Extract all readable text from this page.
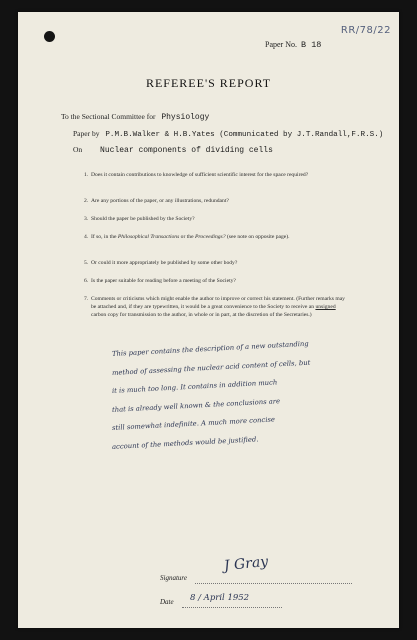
RR/78/22
Paper No. B 18
REFEREE'S REPORT
To the Sectional Committee for Physiology
Paper by P.M.B.Walker & H.B.Yates (Communicated by J.T.Randall,F.R.S.)
On Nuclear components of dividing cells
1. Does it contain contributions to knowledge of sufficient scientific interest for the space required?
2. Are any portions of the paper, or any illustrations, redundant?
3. Should the paper be published by the Society?
4. If so, in the Philosophical Transactions or the Proceedings? (see note on opposite page).
5. Or could it more appropriately be published by some other body?
6. Is the paper suitable for reading before a meeting of the Society?
7. Comments or criticisms which might enable the author to improve or correct his statement. (Further remarks may be attached and, if they are typewritten, it would be a great convenience to the Society to receive an unsigned carbon copy for transmission to the author, in whole or in part, at the discretion of the Secretaries.)
This paper contains the description of a new outstanding
method of assessing the nuclear acid content of cells, but
it is much too long. It contains in addition much
that is already well known & the conclusions are
still somewhat indefinite. A much more concise
account of the methods would be justified.
Signature
J Gray
Date 8 / April 1952
